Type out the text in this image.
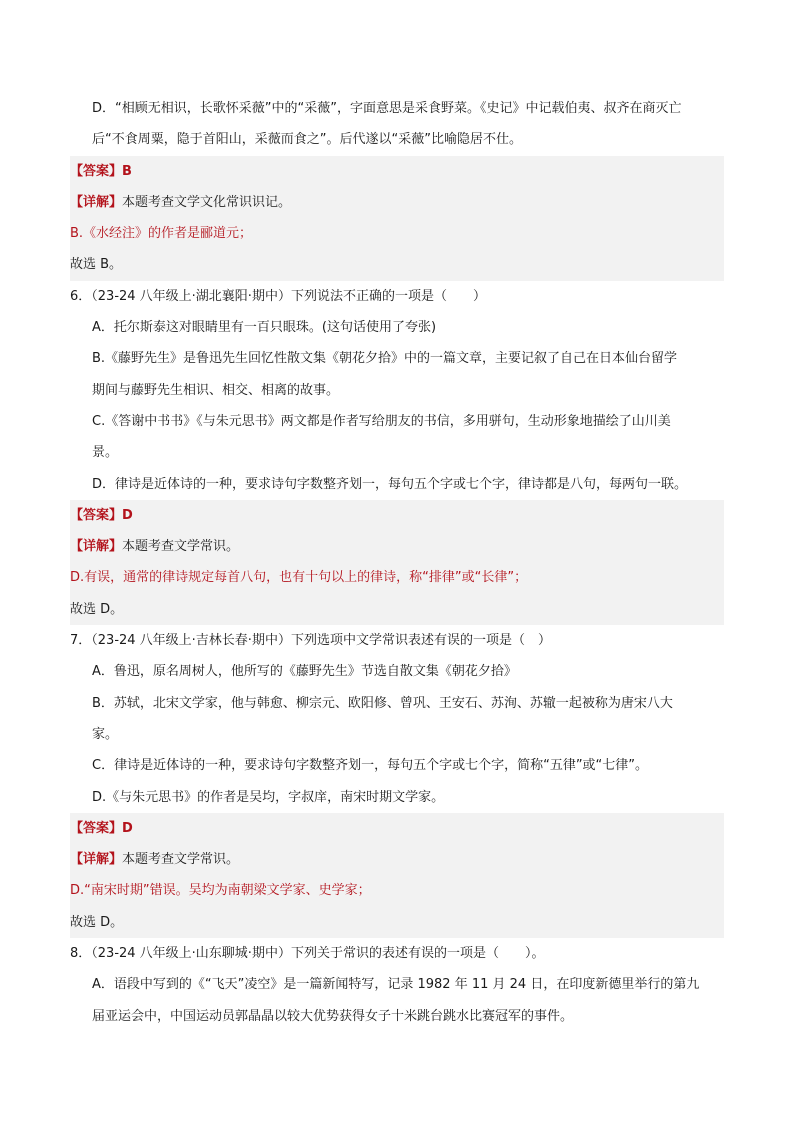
D．“相顾无相识，长歌怀采薇”中的“采薇”，字面意思是采食野菜。《史记》中记载伯夷、叔齐在商灭亡
后“不食周粟，隐于首阳山，采薇而食之”。后代遂以“采薇”比喻隐居不仕。
【答案】B
【详解】本题考查文学文化常识识记。
B.《水经注》的作者是郦道元；
故选 B。
6．（23-24 八年级上·湖北襄阳·期中）下列说法不正确的一项是（　　）
A．托尔斯泰这对眼睛里有一百只眼珠。(这句话使用了夸张)
B.《藤野先生》是鲁迅先生回忆性散文集《朝花夕拾》中的一篇文章，主要记叙了自己在日本仙台留学
期间与藤野先生相识、相交、相离的故事。
C.《答谢中书书》《与朱元思书》两文都是作者写给朋友的书信，多用骈句，生动形象地描绘了山川美
景。
D．律诗是近体诗的一种，要求诗句字数整齐划一，每句五个字或七个字，律诗都是八句，每两句一联。
【答案】D
【详解】本题考查文学常识。
D.有误，通常的律诗规定每首八句，也有十句以上的律诗，称“排律”或“长律”；
故选 D。
7．（23-24 八年级上·吉林长春·期中）下列选项中文学常识表述有误的一项是（　）
A．鲁迅，原名周树人，他所写的《藤野先生》节选自散文集《朝花夕拾》
B．苏轼，北宋文学家，他与韩愈、柳宗元、欧阳修、曾巩、王安石、苏洵、苏辙一起被称为唐宋八大
家。
C．律诗是近体诗的一种，要求诗句字数整齐划一，每句五个字或七个字，简称“五律”或“七律”。
D.《与朱元思书》的作者是吴均，字叔庠，南宋时期文学家。
【答案】D
【详解】本题考查文学常识。
D.“南宋时期”错误。吴均为南朝梁文学家、史学家；
故选 D。
8．（23-24 八年级上·山东聊城·期中）下列关于常识的表述有误的一项是（　　）。
A．语段中写到的《“飞天”凌空》是一篇新闻特写，记录 1982 年 11 月 24 日，在印度新德里举行的第九
届亚运会中，中国运动员郭晶晶以较大优势获得女子十米跳台跳水比赛冠军的事件。
